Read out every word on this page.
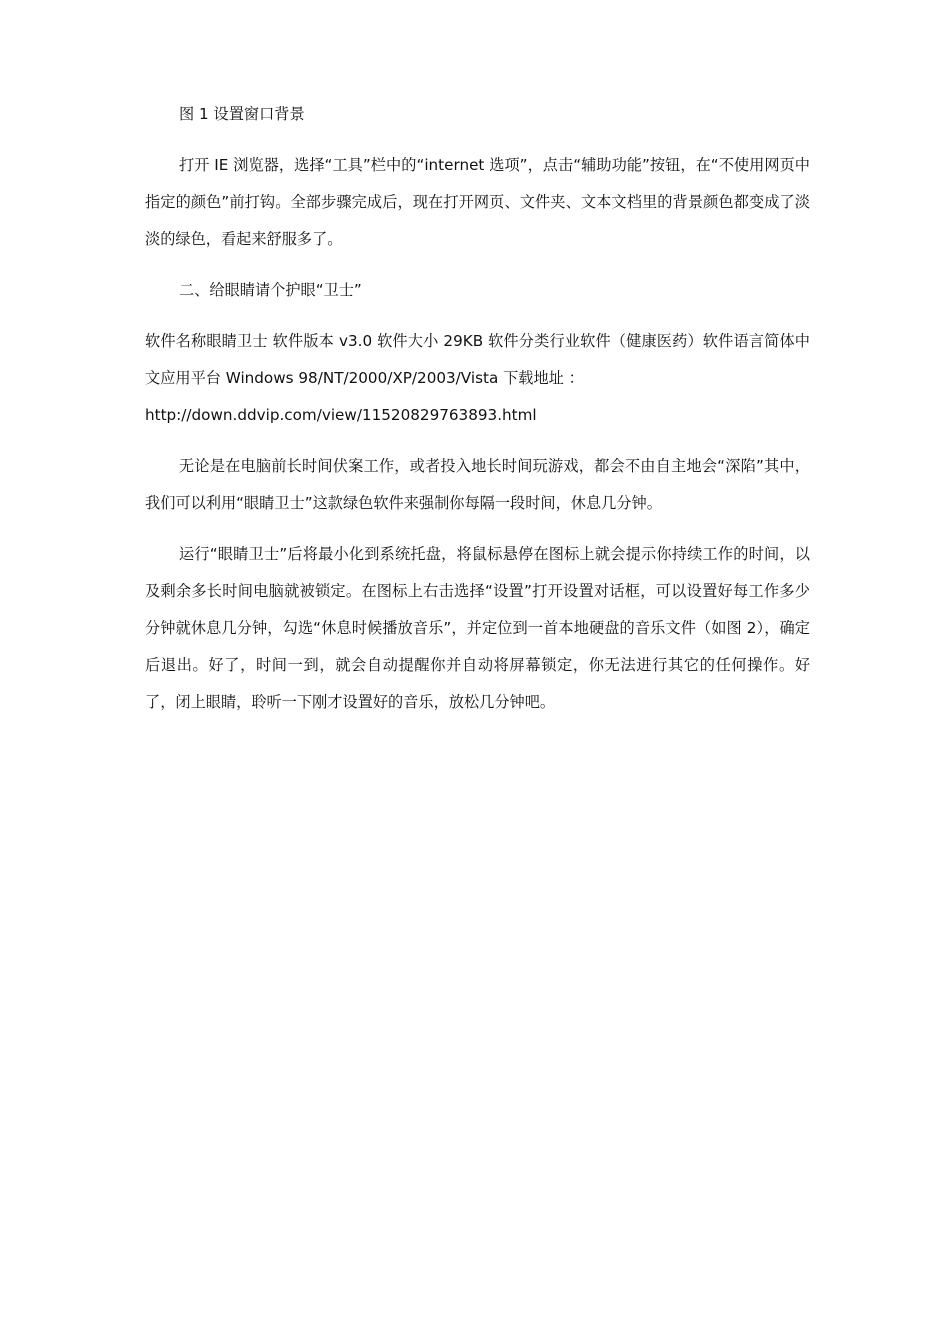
图 1 设置窗口背景

打开 IE 浏览器，选择“工具”栏中的“internet 选项”，点击“辅助功能”按钮，在“不使用网页中指定的颜色”前打钩。全部步骤完成后，现在打开网页、文件夹、文本文档里的背景颜色都变成了淡淡的绿色，看起来舒服多了。

二、给眼睛请个护眼“卫士”

软件名称眼睛卫士 软件版本 v3.0 软件大小 29KB 软件分类行业软件（健康医药）软件语言简体中文应用平台 Windows 98/NT/2000/XP/2003/Vista 下载地址 ：

http://down.ddvip.com/view/11520829763893.html

无论是在电脑前长时间伏案工作，或者投入地长时间玩游戏，都会不由自主地会“深陷”其中，我们可以利用“眼睛卫士”这款绿色软件来强制你每隔一段时间，休息几分钟。

运行“眼睛卫士”后将最小化到系统托盘，将鼠标悬停在图标上就会提示你持续工作的时间，以及剩余多长时间电脑就被锁定。在图标上右击选择“设置”打开设置对话框，可以设置好每工作多少分钟就休息几分钟，勾选“休息时候播放音乐”，并定位到一首本地硬盘的音乐文件（如图 2），确定后退出。好了，时间一到，就会自动提醒你并自动将屏幕锁定，你无法进行其它的任何操作。好了，闭上眼睛，聆听一下刚才设置好的音乐，放松几分钟吧。
